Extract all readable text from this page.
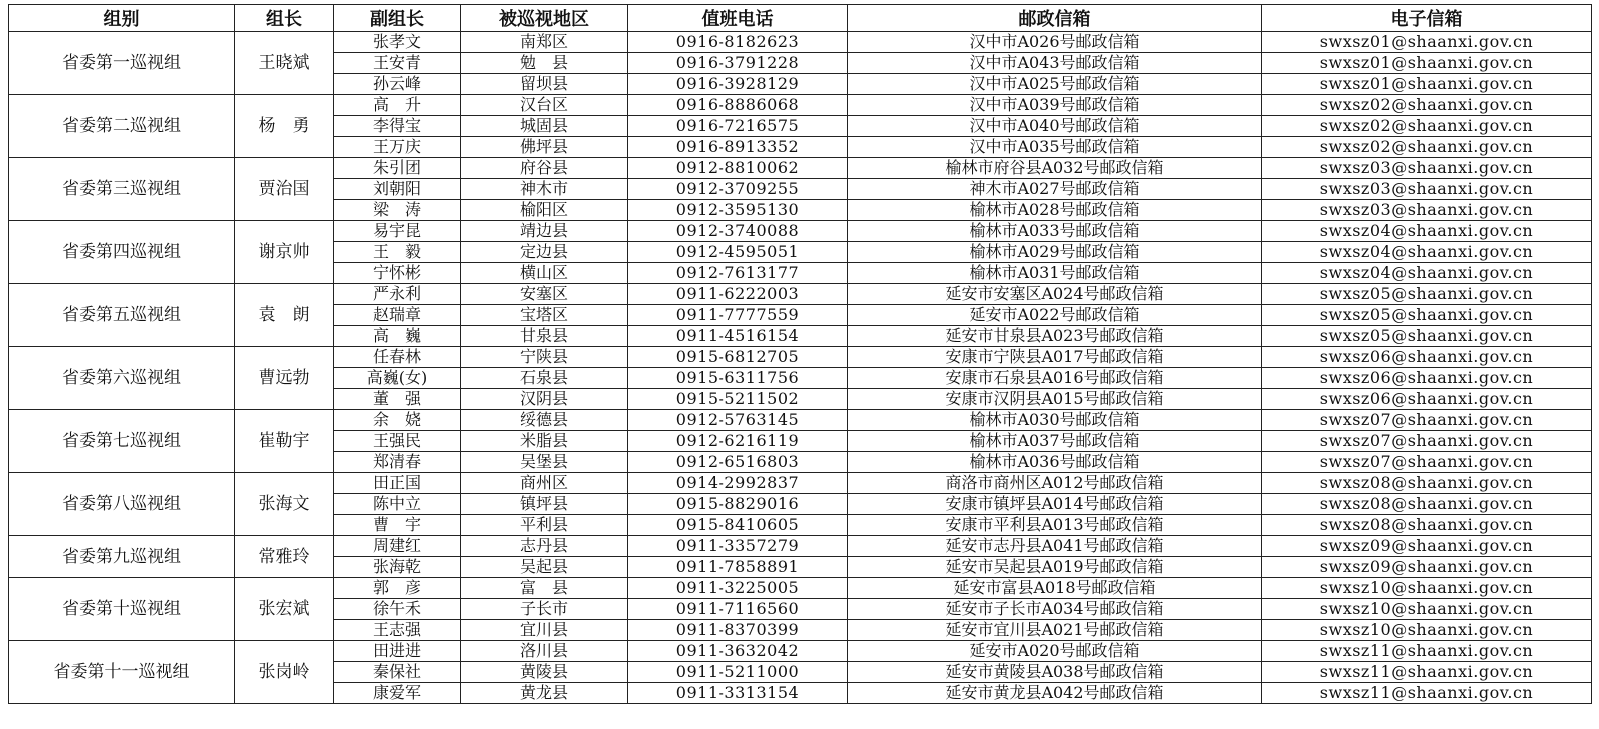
组别	组长	副组长	被巡视地区	值班电话	邮政信箱	电子信箱
省委第一巡视组	王晓斌	张孝文	南郑区	0916-8182623	汉中市A026号邮政信箱	swxsz01@shaanxi.gov.cn
		王安青	勉　县	0916-3791228	汉中市A043号邮政信箱	swxsz01@shaanxi.gov.cn
		孙云峰	留坝县	0916-3928129	汉中市A025号邮政信箱	swxsz01@shaanxi.gov.cn
省委第二巡视组	杨　勇	高　升	汉台区	0916-8886068	汉中市A039号邮政信箱	swxsz02@shaanxi.gov.cn
		李得宝	城固县	0916-7216575	汉中市A040号邮政信箱	swxsz02@shaanxi.gov.cn
		王万庆	佛坪县	0916-8913352	汉中市A035号邮政信箱	swxsz02@shaanxi.gov.cn
省委第三巡视组	贾治国	朱引团	府谷县	0912-8810062	榆林市府谷县A032号邮政信箱	swxsz03@shaanxi.gov.cn
		刘朝阳	神木市	0912-3709255	神木市A027号邮政信箱	swxsz03@shaanxi.gov.cn
		梁　涛	榆阳区	0912-3595130	榆林市A028号邮政信箱	swxsz03@shaanxi.gov.cn
省委第四巡视组	谢京帅	易宇昆	靖边县	0912-3740088	榆林市A033号邮政信箱	swxsz04@shaanxi.gov.cn
		王　毅	定边县	0912-4595051	榆林市A029号邮政信箱	swxsz04@shaanxi.gov.cn
		宁怀彬	横山区	0912-7613177	榆林市A031号邮政信箱	swxsz04@shaanxi.gov.cn
省委第五巡视组	袁　朗	严永利	安塞区	0911-6222003	延安市安塞区A024号邮政信箱	swxsz05@shaanxi.gov.cn
		赵瑞章	宝塔区	0911-7777559	延安市A022号邮政信箱	swxsz05@shaanxi.gov.cn
		高　巍	甘泉县	0911-4516154	延安市甘泉县A023号邮政信箱	swxsz05@shaanxi.gov.cn
省委第六巡视组	曹远勃	任春林	宁陕县	0915-6812705	安康市宁陕县A017号邮政信箱	swxsz06@shaanxi.gov.cn
		高巍(女)	石泉县	0915-6311756	安康市石泉县A016号邮政信箱	swxsz06@shaanxi.gov.cn
		董　强	汉阴县	0915-5211502	安康市汉阴县A015号邮政信箱	swxsz06@shaanxi.gov.cn
省委第七巡视组	崔勒宇	余　娆	绥德县	0912-5763145	榆林市A030号邮政信箱	swxsz07@shaanxi.gov.cn
		王强民	米脂县	0912-6216119	榆林市A037号邮政信箱	swxsz07@shaanxi.gov.cn
		郑清春	吴堡县	0912-6516803	榆林市A036号邮政信箱	swxsz07@shaanxi.gov.cn
省委第八巡视组	张海文	田正国	商州区	0914-2992837	商洛市商州区A012号邮政信箱	swxsz08@shaanxi.gov.cn
		陈中立	镇坪县	0915-8829016	安康市镇坪县A014号邮政信箱	swxsz08@shaanxi.gov.cn
		曹　宇	平利县	0915-8410605	安康市平利县A013号邮政信箱	swxsz08@shaanxi.gov.cn
省委第九巡视组	常雅玲	周建红	志丹县	0911-3357279	延安市志丹县A041号邮政信箱	swxsz09@shaanxi.gov.cn
		张海乾	吴起县	0911-7858891	延安市吴起县A019号邮政信箱	swxsz09@shaanxi.gov.cn
省委第十巡视组	张宏斌	郭　彦	富　县	0911-3225005	延安市富县A018号邮政信箱	swxsz10@shaanxi.gov.cn
		徐午禾	子长市	0911-7116560	延安市子长市A034号邮政信箱	swxsz10@shaanxi.gov.cn
		王志强	宜川县	0911-8370399	延安市宜川县A021号邮政信箱	swxsz10@shaanxi.gov.cn
省委第十一巡视组	张岗岭	田进进	洛川县	0911-3632042	延安市A020号邮政信箱	swxsz11@shaanxi.gov.cn
		秦保社	黄陵县	0911-5211000	延安市黄陵县A038号邮政信箱	swxsz11@shaanxi.gov.cn
		康爱军	黄龙县	0911-3313154	延安市黄龙县A042号邮政信箱	swxsz11@shaanxi.gov.cn
